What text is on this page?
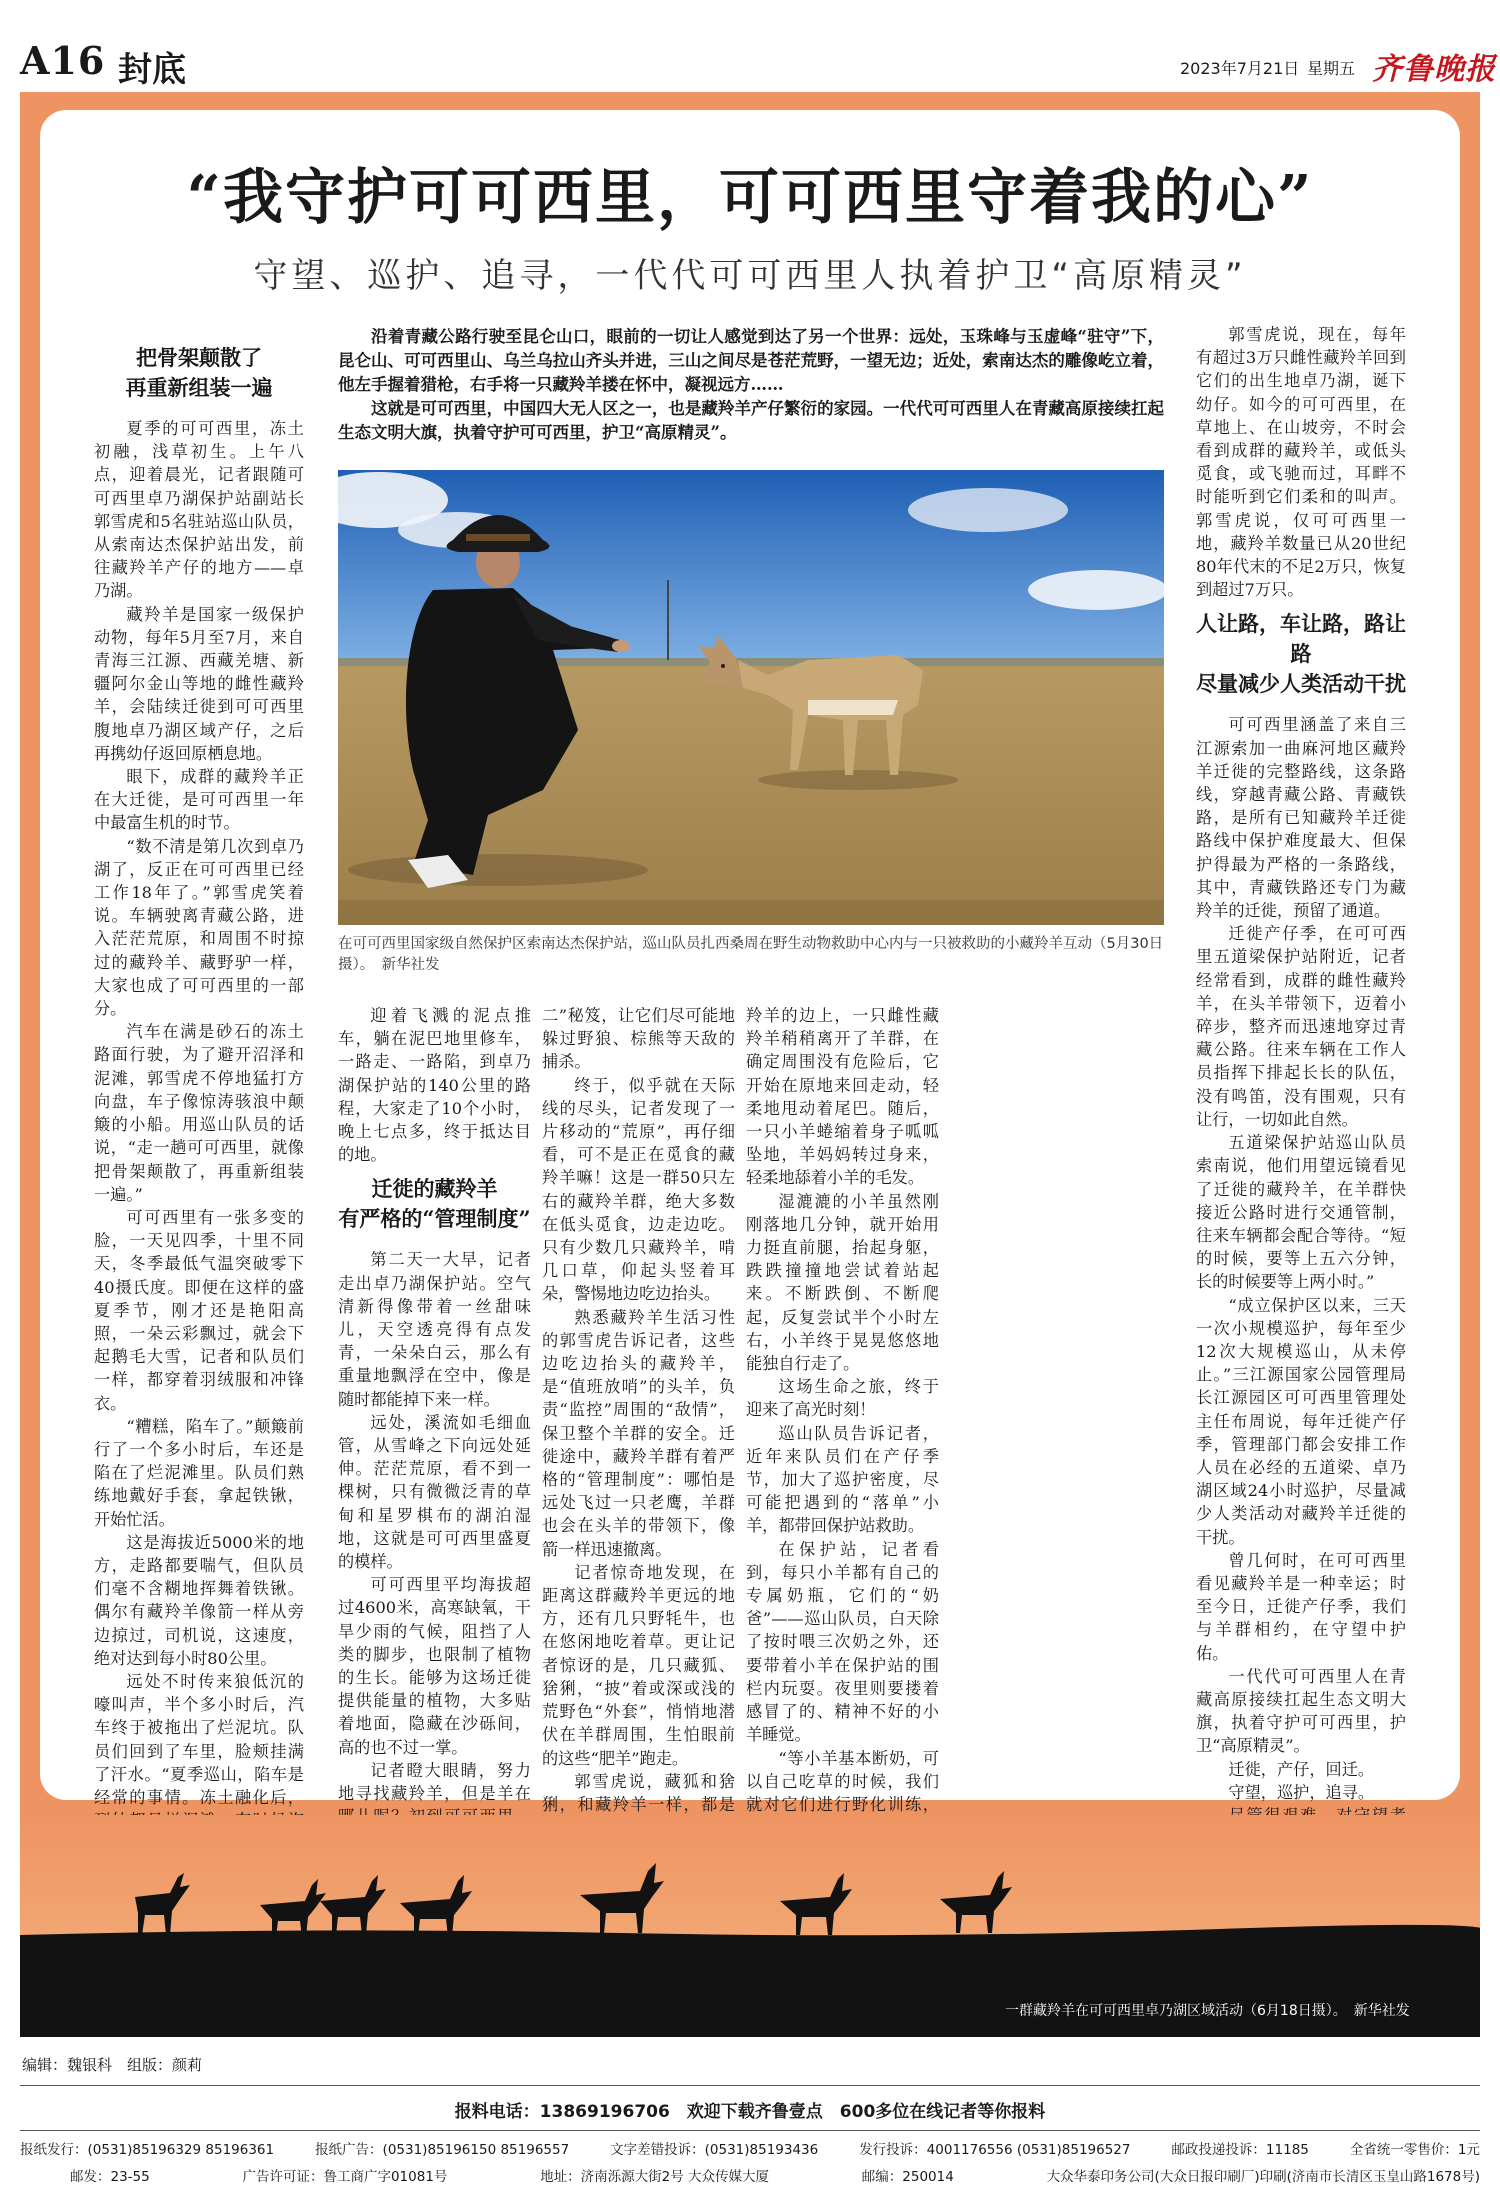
A16 封底	2023年7月21日 星期五 齐鲁晚报
“我守护可可西里，可可西里守着我的心”
守望、巡护、追寻，一代代可可西里人执着护卫“高原精灵”
把骨架颠散了
再重新组装一遍

夏季的可可西里，冻土初融，浅草初生。上午八点，迎着晨光，记者跟随可可西里卓乃湖保护站副站长郭雪虎和5名驻站巡山队员，从索南达杰保护站出发，前往藏羚羊产仔的地方——卓乃湖。

藏羚羊是国家一级保护动物，每年5月至7月，来自青海三江源、西藏羌塘、新疆阿尔金山等地的雌性藏羚羊，会陆续迁徙到可可西里腹地卓乃湖区域产仔，之后再携幼仔返回原栖息地。

眼下，成群的藏羚羊正在大迁徙，是可可西里一年中最富生机的时节。

“数不清是第几次到卓乃湖了，反正在可可西里已经工作18年了。”郭雪虎笑着说。车辆驶离青藏公路，进入茫茫荒原，和周围不时掠过的藏羚羊、藏野驴一样，大家也成了可可西里的一部分。

汽车在满是砂石的冻土路面行驶，为了避开沼泽和泥滩，郭雪虎不停地猛打方向盘，车子像惊涛骇浪中颠簸的小船。用巡山队员的话说，“走一趟可可西里，就像把骨架颠散了，再重新组装一遍。”

可可西里有一张多变的脸，一天见四季，十里不同天，冬季最低气温突破零下40摄氏度。即便在这样的盛夏季节，刚才还是艳阳高照，一朵云彩飘过，就会下起鹅毛大雪，记者和队员们一样，都穿着羽绒服和冲锋衣。

“糟糕，陷车了。”颠簸前行了一个多小时后，车还是陷在了烂泥滩里。队员们熟练地戴好手套，拿起铁锹，开始忙活。

这是海拔近5000米的地方，走路都要喘气，但队员们毫不含糊地挥舞着铁锹。偶尔有藏羚羊像箭一样从旁边掠过，司机说，这速度，绝对达到每小时80公里。

远处不时传来狼低沉的嚎叫声，半个多小时后，汽车终于被拖出了烂泥坑。队员们回到了车里，脸颊挂满了汗水。“夏季巡山，陷车是经常的事情。冻土融化后，

沿着青藏公路行驶至昆仑山口，眼前的一切让人感觉到达了另一个世界：远处，玉珠峰与玉虚峰“驻守”下，昆仑山、可可西里山、乌兰乌拉山齐头并进，三山之间尽是苍茫荒野，一望无边；近处，索南达杰的雕像屹立着，他左手握着猎枪，右手将一只藏羚羊搂在怀中，凝视远方……

这就是可可西里，中国四大无人区之一，也是藏羚羊产仔繁衍的家园。一代代可可西里人在青藏高原接续扛起生态文明大旗，执着守护可可西里，护卫“高原精灵”。

在可可西里国家级自然保护区索南达杰保护站，巡山队员扎西桑周在野生动物救助中心内与一只被救助的小藏羚羊互动（5月30日摄）。　新华社发

迎着飞溅的泥点推车，躺在泥巴地里修车，一路走、一路陷，到卓乃湖保护站的140公里的路程，大家走了10个小时，晚上七点多，终于抵达目的地。

迁徙的藏羚羊
有严格的“管理制度”

第二天一大早，记者走出卓乃湖保护站。空气清新得像带着一丝甜味儿，天空透亮得有点发青，一朵朵白云，那么有重量地飘浮在空中，像是随时都能掉下来一样。

远处，溪流如毛细血管，从雪峰之下向远处延伸。茫茫荒原，看不到一棵树，只有微微泛青的草甸和星罗棋布的湖泊湿地，这就是可可西里盛夏的模样。

可可西里平均海拔超过4600米，高寒缺氧，干旱少雨的气候，阻挡了人类的脚步，也限制了植物的生长。能够为这场迁徙提供能量的植物，大多贴着地面，隐藏在沙砾间，高的也不过一掌。

记者瞪大眼睛，努力地寻找藏羚羊，但是羊在

二”秘笈，让它们尽可能地躲过野狼、棕熊等天敌的捕杀。

终于，似乎就在天际线的尽头，记者发现了一片移动的“荒原”，再仔细看，可不是正在觅食的藏羚羊嘛！这是一群50只左右的藏羚羊群，绝大多数在低头觅食，边走边吃。只有少数几只藏羚羊，啃几口草，仰起头竖着耳朵，警惕地边吃边抬头。

熟悉藏羚羊生活习性的郭雪虎告诉记者，这些边吃边抬头的藏羚羊，是“值班放哨”的头羊，负责“监控”周围的“敌情”，保卫整个羊群的安全。迁徙途中，藏羚羊群有着严格的“管理制度”：哪怕是远处飞过一只老鹰，羊群也会在头羊的带领下，像箭一样迅速撤离。

记者惊奇地发现，在距离这群藏羚羊更远的地方，还有几只野牦牛，也在悠闲地吃着草。更让记者惊讶的是，几只藏狐、猞猁，“披”着或深或浅的荒野色“外套”，悄悄地潜伏在羊群周围，生怕眼前的这些“肥羊”跑走。

郭雪虎说，藏狐和猞猁，和藏羚羊一样，都是

羚羊的边上，一只雌性藏羚羊稍稍离开了羊群，在确定周围没有危险后，它开始在原地来回走动，轻柔地甩动着尾巴。随后，一只小羊蜷缩着身子呱呱坠地，羊妈妈转过身来，轻柔地舔着小羊的毛发。

湿漉漉的小羊虽然刚刚落地几分钟，就开始用力挺直前腿，抬起身躯，跌跌撞撞地尝试着站起来。不断跌倒、不断爬起，反复尝试半个小时左右，小羊终于晃晃悠悠地能独自行走了。

这场生命之旅，终于迎来了高光时刻！

巡山队员告诉记者，近年来队员们在产仔季节，加大了巡护密度，尽可能把遇到的“落单”小羊，都带回保护站救助。

在保护站，记者看到，每只小羊都有自己的专属奶瓶，它们的“奶爸”——巡山队员，白天除了按时喂三次奶之外，还要带着小羊在保护站的围栏内玩耍。夜里则要搂着感冒了的、精神不好的小羊睡觉。

“等小羊基本断奶，可以自己吃草的时候，我们就对它们进行野化训练，

郭雪虎说，现在，每年有超过3万只雌性藏羚羊回到它们的出生地卓乃湖，诞下幼仔。如今的可可西里，在草地上、在山坡旁，不时会看到成群的藏羚羊，或低头觅食，或飞驰而过，耳畔不时能听到它们柔和的叫声。郭雪虎说，仅可可西里一地，藏羚羊数量已从20世纪80年代末的不足2万只，恢复到超过7万只。

人让路，车让路，路让路
尽量减少人类活动干扰

可可西里涵盖了来自三江源索加一曲麻河地区藏羚羊迁徙的完整路线，这条路线，穿越青藏公路、青藏铁路，是所有已知藏羚羊迁徙路线中保护难度最大、但保护得最为严格的一条路线，其中，青藏铁路还专门为藏羚羊的迁徙，预留了通道。

迁徙产仔季，在可可西里五道梁保护站附近，记者经常看到，成群的雌性藏羚羊，在头羊带领下，迈着小碎步，整齐而迅速地穿过青藏公路。往来车辆在工作人员指挥下排起长长的队伍，没有鸣笛，没有围观，只有让行，一切如此自然。

五道梁保护站巡山队员索南说，他们用望远镜看见了迁徙的藏羚羊，在羊群快接近公路时进行交通管制，往来车辆都会配合等待。“短的时候，要等上五六分钟，长的时候要等上两小时。”

“成立保护区以来，三天一次小规模巡护，每年至少12次大规模巡山，从未停止。”三江源国家公园管理局长江源园区可可西里管理处主任布周说，每年迁徙产仔季，管理部门都会安排工作人员在必经的五道梁、卓乃湖区域24小时巡护，尽量减少人类活动对藏羚羊迁徙的干扰。

曾几何时，在可可西里看见藏羚羊是一种幸运；时至今日，迁徙产仔季，我们与羊群相约，在守望中护佑。

一代代可可西里人在青藏高原接续扛起生态文明大旗，执着守护可可西里，护卫“高原精灵”。

迁徙，产仔，回迁。

守望，巡护，追寻。

一群藏羚羊在可可西里卓乃湖区域活动（6月18日摄）。　新华社发
编辑：魏银科　组版：颜莉
报料电话：13869196706　欢迎下载齐鲁壹点　600多位在线记者等你报料
报纸发行：(0531)85196329 85196361	报纸广告：(0531)85196150 85196557	文字差错投诉：(0531)85193436	发行投诉：4001176556 (0531)85196527	邮政投递投诉：11185	全省统一零售价：1元
邮发：23-55	广告许可证：鲁工商广字01081号	地址：济南泺源大街2号 大众传媒大厦	邮编：250014	大众华泰印务公司(大众日报印刷厂)印刷(济南市长清区玉皇山路1678号)
